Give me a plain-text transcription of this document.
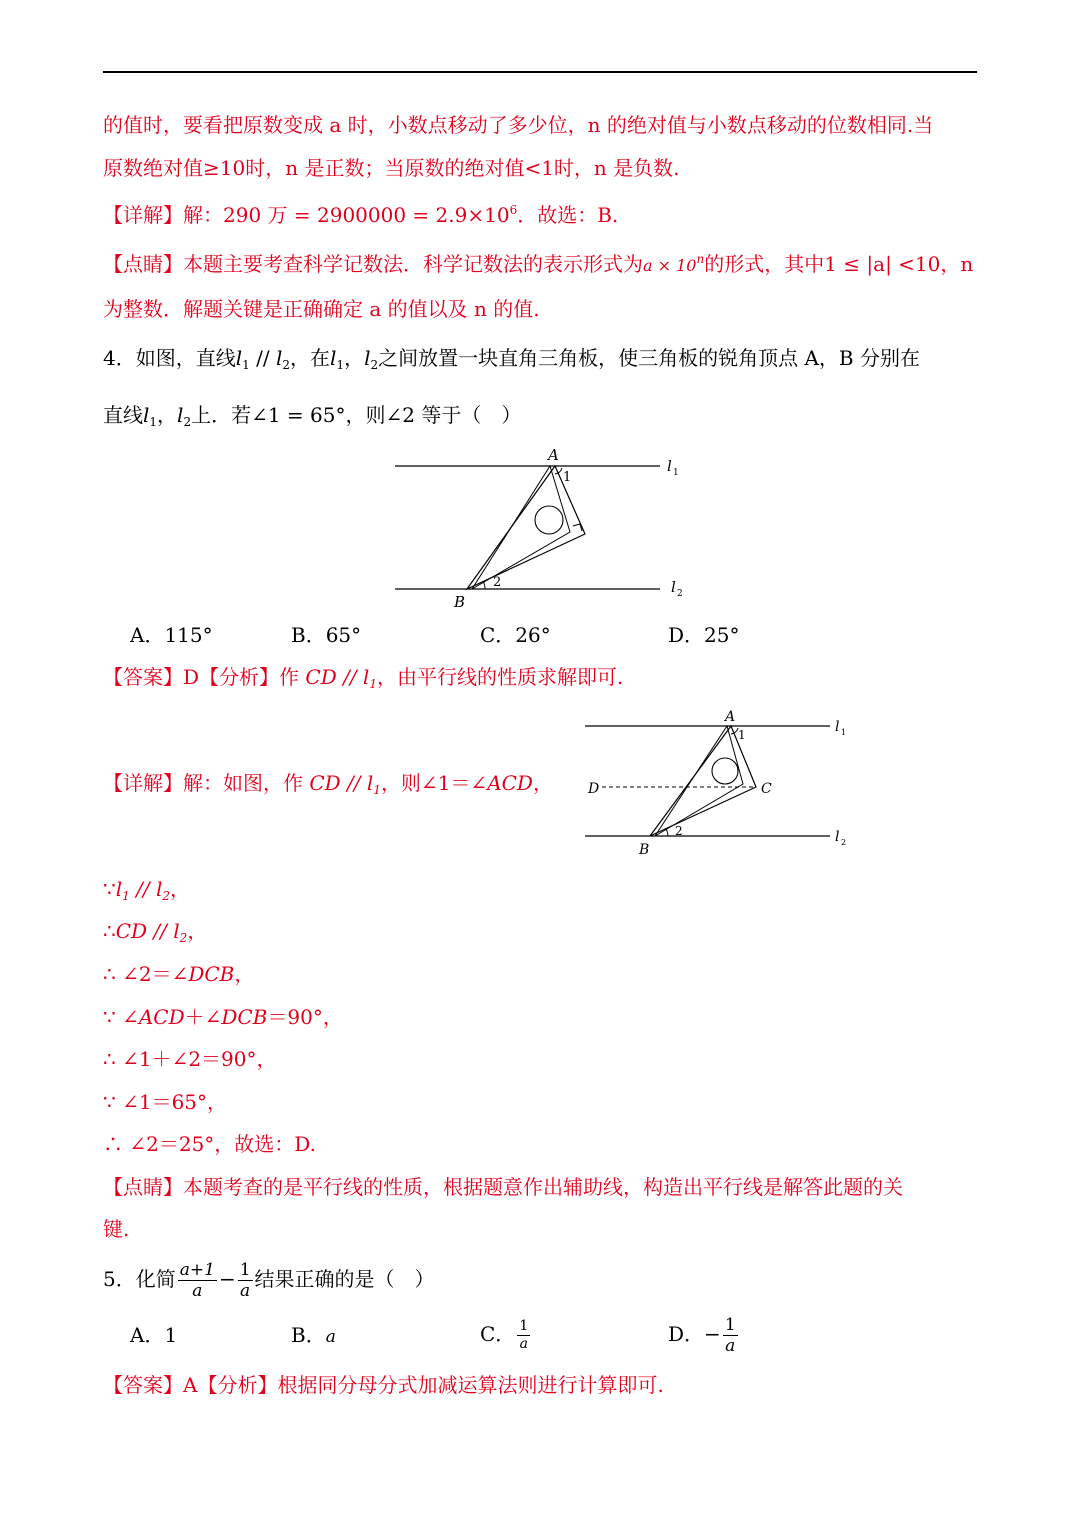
的值时，要看把原数变成 a 时，小数点移动了多少位，n 的绝对值与小数点移动的位数相同.当
原数绝对值≥10时，n 是正数；当原数的绝对值<1时，n 是负数.
【详解】解：290 万 = $2900000 = 2.9\times 10^6$．故选：B.
【点睛】本题主要考查科学记数法．科学记数法的表示形式为$a \times 10^n$的形式，其中1 ≤ |a| <10，n
为整数．解题关键是正确确定 a 的值以及 n 的值.
4．如图，直线$l_1 // l_2$，在$l_1$，$l_2$之间放置一块直角三角板，使三角板的锐角顶点 A，B 分别在
直线$l_1$，$l_2$上．若∠1 = 65°，则∠2 等于（　）
A
1
2
B
l 1
l 2
A．115°	B．65°	C．26°	D．25°
【答案】D【分析】作 CD // $l_1$，由平行线的性质求解即可.
【详解】解：如图，作 CD // $l_1$，则∠1＝∠ACD，
A
1
D	C
2
B
l 1
l 2
$\because l_1 // l_2$，
∴CD // $l_2$，
∴ ∠2＝∠DCB，
∵ ∠ACD＋∠DCB＝90°，
∴ ∠1＋∠2＝90°，
∵ ∠1＝65°，
∴ ∠2＝25°，故选：D.
【点睛】本题考查的是平行线的性质，根据题意作出辅助线，构造出平行线是解答此题的关
键.
5．化简 $\frac{a+1}{a} - \frac{1}{a}$ 结果正确的是（　）
A．1	B．a	C． $\frac{1}{a}$	D．− $\frac{1}{a}$
【答案】A【分析】根据同分母分式加减运算法则进行计算即可.
